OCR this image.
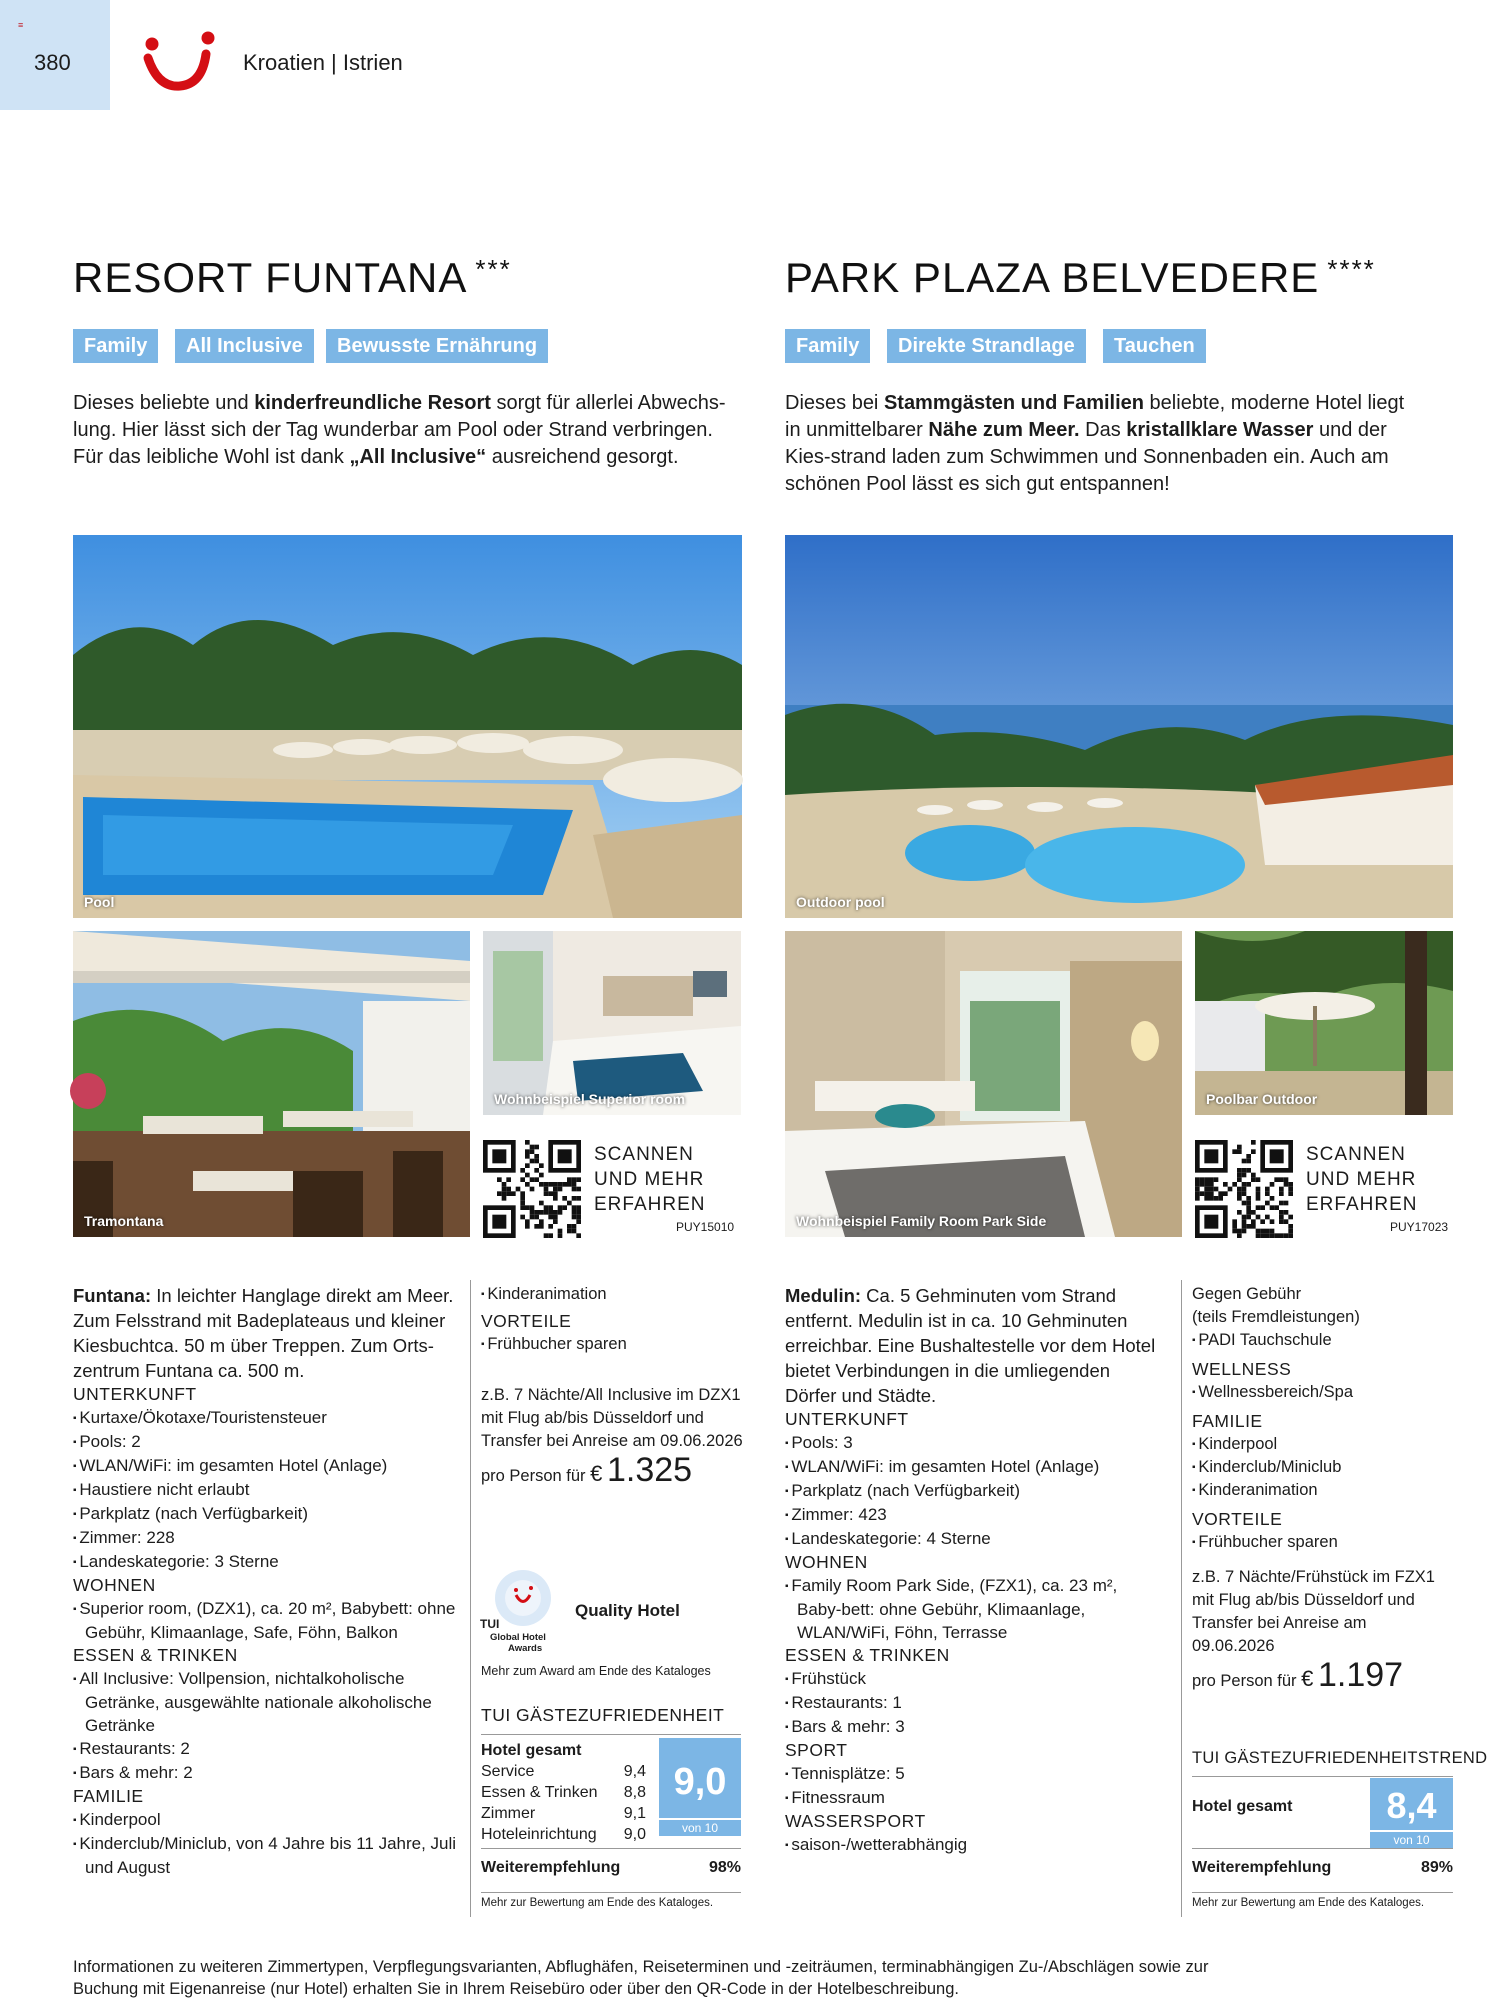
≡
380	Kroatien | Istrien
RESORT FUNTANA ***
Family	All Inclusive	Bewusste Ernährung
Dieses beliebte und kinderfreundliche Resort sorgt für allerlei Abwechs-lung. Hier lässt sich der Tag wunderbar am Pool oder Strand verbringen. Für das leibliche Wohl ist dank „All Inclusive“ ausreichend gesorgt.
Pool
Tramontana
Wohnbeispiel Superior room
SCANNEN
UND MEHR
ERFAHREN
PUY15010

Funtana: In leichter Hanglage direkt am Meer. Zum Felsstrand mit Badeplateaus und kleiner Kiesbuchtca. 50 m über Treppen. Zum Orts-zentrum Funtana ca. 500 m.

UNTERKUNFT

▪ Kurtaxe/Ökotaxe/Touristensteuer

▪ Pools: 2

▪ WLAN/WiFi: im gesamten Hotel (Anlage)

▪ Haustiere nicht erlaubt

▪ Parkplatz (nach Verfügbarkeit)

▪ Zimmer: 228

▪ Landeskategorie: 3 Sterne

WOHNEN

▪ Superior room, (DZX1), ca. 20 m², Babybett: ohne Gebühr, Klimaanlage, Safe, Föhn, Balkon

ESSEN & TRINKEN

▪ All Inclusive: Vollpension, nichtalkoholische Getränke, ausgewählte nationale alkoholische Getränke

▪ Restaurants: 2

▪ Bars & mehr: 2

FAMILIE

▪ Kinderpool

▪ Kinderclub/Miniclub, von 4 Jahre bis 11 Jahre, Juli und August

▪ Kinderanimation

VORTEILE

▪ Frühbucher sparen

z.B. 7 Nächte/All Inclusive im DZX1 mit Flug ab/bis Düsseldorf und Transfer bei Anreise am 09.06.2026

pro Person für € 1.325

TUI
Global Hotel
Awards
Quality Hotel
Mehr zum Award am Ende des Kataloges
TUI GÄSTEZUFRIEDENHEIT

Hotel gesamt

Service	9,4

Essen & Trinken 8,8

Zimmer	9,1

Hoteleinrichtung 9,0

9,0
von 10
Weiterempfehlung	98%
Mehr zur Bewertung am Ende des Kataloges.
PARK PLAZA BELVEDERE ****
Family	Direkte Strandlage	Tauchen
Dieses bei Stammgästen und Familien beliebte, moderne Hotel liegt in unmittelbarer Nähe zum Meer. Das kristallklare Wasser und der Kies-strand laden zum Schwimmen und Sonnenbaden ein. Auch am schönen Pool lässt es sich gut entspannen!
Outdoor pool
Wohnbeispiel Family Room Park Side
Poolbar Outdoor
SCANNEN
UND MEHR
ERFAHREN
PUY17023

Medulin: Ca. 5 Gehminuten vom Strand entfernt. Medulin ist in ca. 10 Gehminuten erreichbar. Eine Bushaltestelle vor dem Hotel bietet Verbindungen in die umliegenden Dörfer und Städte.

UNTERKUNFT

▪ Pools: 3

▪ WLAN/WiFi: im gesamten Hotel (Anlage)

▪ Parkplatz (nach Verfügbarkeit)

▪ Zimmer: 423

▪ Landeskategorie: 4 Sterne

WOHNEN

▪ Family Room Park Side, (FZX1), ca. 23 m², Baby-bett: ohne Gebühr, Klimaanlage, WLAN/WiFi, Föhn, Terrasse

ESSEN & TRINKEN

▪ Frühstück

▪ Restaurants: 1

▪ Bars & mehr: 3

SPORT

▪ Tennisplätze: 5

▪ Fitnessraum

WASSERSPORT

▪ saison-/wetterabhängig

Gegen Gebühr

(teils Fremdleistungen)

▪ PADI Tauchschule

WELLNESS

▪ Wellnessbereich/Spa

FAMILIE

▪ Kinderpool

▪ Kinderclub/Miniclub

▪ Kinderanimation

VORTEILE

▪ Frühbucher sparen

z.B. 7 Nächte/Frühstück im FZX1 mit Flug ab/bis Düsseldorf und Transfer bei Anreise am 09.06.2026

pro Person für € 1.197

TUI GÄSTEZUFRIEDENHEITSTREND
Hotel gesamt	8,4
von 10
Weiterempfehlung	89%
Mehr zur Bewertung am Ende des Kataloges.
Informationen zu weiteren Zimmertypen, Verpflegungsvarianten, Abflughäfen, Reiseterminen und -zeiträumen, terminabhängigen Zu-/Abschlägen sowie zur Buchung mit Eigenanreise (nur Hotel) erhalten Sie in Ihrem Reisebüro oder über den QR-Code in der Hotelbeschreibung.
